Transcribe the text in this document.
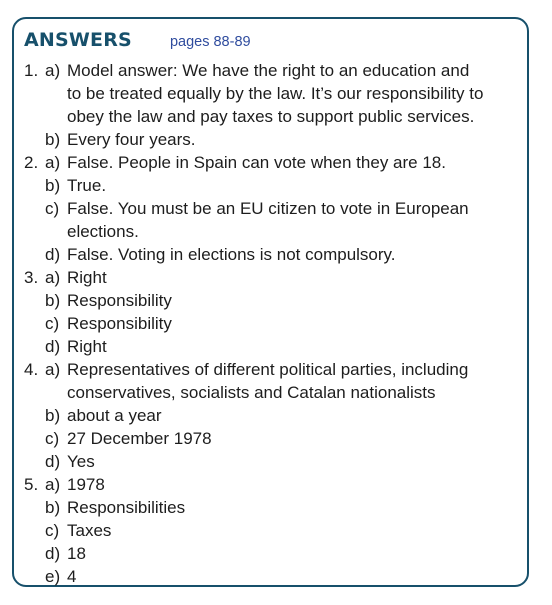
ANSWERS	pages 88-89
1. a) Model answer: We have the right to an education and
to be treated equally by the law. It’s our responsibility to
obey the law and pay taxes to support public services.
b) Every four years.
2. a) False. People in Spain can vote when they are 18.
b) True.
c) False. You must be an EU citizen to vote in European
elections.
d) False. Voting in elections is not compulsory.
3. a) Right
b) Responsibility
c) Responsibility
d) Right
4. a) Representatives of different political parties, including
conservatives, socialists and Catalan nationalists
b) about a year
c) 27 December 1978
d) Yes
5. a) 1978
b) Responsibilities
c) Taxes
d) 18
e) 4
